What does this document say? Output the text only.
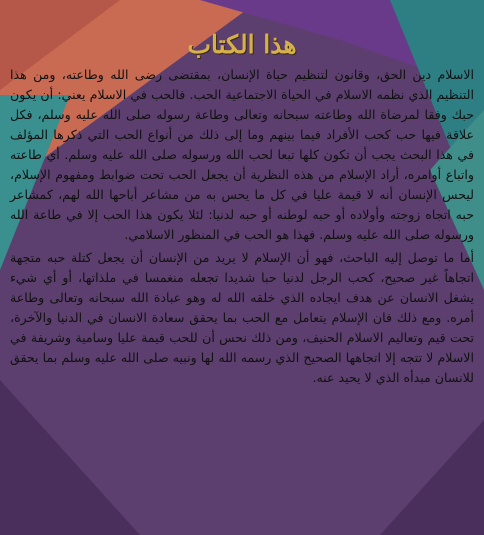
هذا الكتاب

الاسلام دين الحق، وقانون لتنظيم حياة الإنسان، بمقتضى رضى الله وطاعته، ومن هذا التنظيم الذي نظمه الاسلام في الحياة الاجتماعية الحب. فالحب في الاسلام يعني: أن يكون حبك وفقا لمرضاة الله وطاعته سبحانه وتعالى وطاعة رسوله صلى الله عليه وسلم، فكل علاقة فيها حب كحب الأفراد فيما بينهم وما إلى ذلك من أنواع الحب التي ذكرها المؤلف في هذا البحث يجب أن تكون كلها تبعا لحب الله ورسوله صلى الله عليه وسلم. أي طاعته واتباع أوامره، أراد الإسلام من هذه النظرية أن يجعل الحب تحت ضوابط ومفهوم الإسلام، ليحس الإنسان أنه لا قيمة عليا في كل ما يحس به من مشاعر أباحها الله لهم، كمشاعر حبه اتجاه زوجته وأولاده أو حبه لوطنه أو حبه لدنيا: لئلا يكون هذا الحب إلا في طاعة الله ورسوله صلى الله عليه وسلم. فهذا هو الحب في المنظور الاسلامي.

أما ما توصل إليه الباحث، فهو أن الإسلام لا يريد من الإنسان أن يجعل كتلة حبه متجهة اتجاهاً غير صحيح، كحب الرجل لدنيا حبا شديدا تجعله منغمسا في ملذاتها، أو أي شيء يشغل الانسان عن هدف ايجاده الذي خلقه الله له وهو عبادة الله سبحانه وتعالى وطاعة أمره. ومع ذلك فان الإسلام يتعامل مع الحب بما يحقق سعادة الانسان في الدنيا والآخرة، تحت قيم وتعاليم الاسلام الحنيف، ومن ذلك نحس أن للحب قيمة عليا وسامية وشريفة في الاسلام لا تتجه إلا اتجاهها الصحيح الذي رسمه الله لها ونبيه صلى الله عليه وسلم بما يحقق للانسان مبدأه الذي لا يحيد عنه.
